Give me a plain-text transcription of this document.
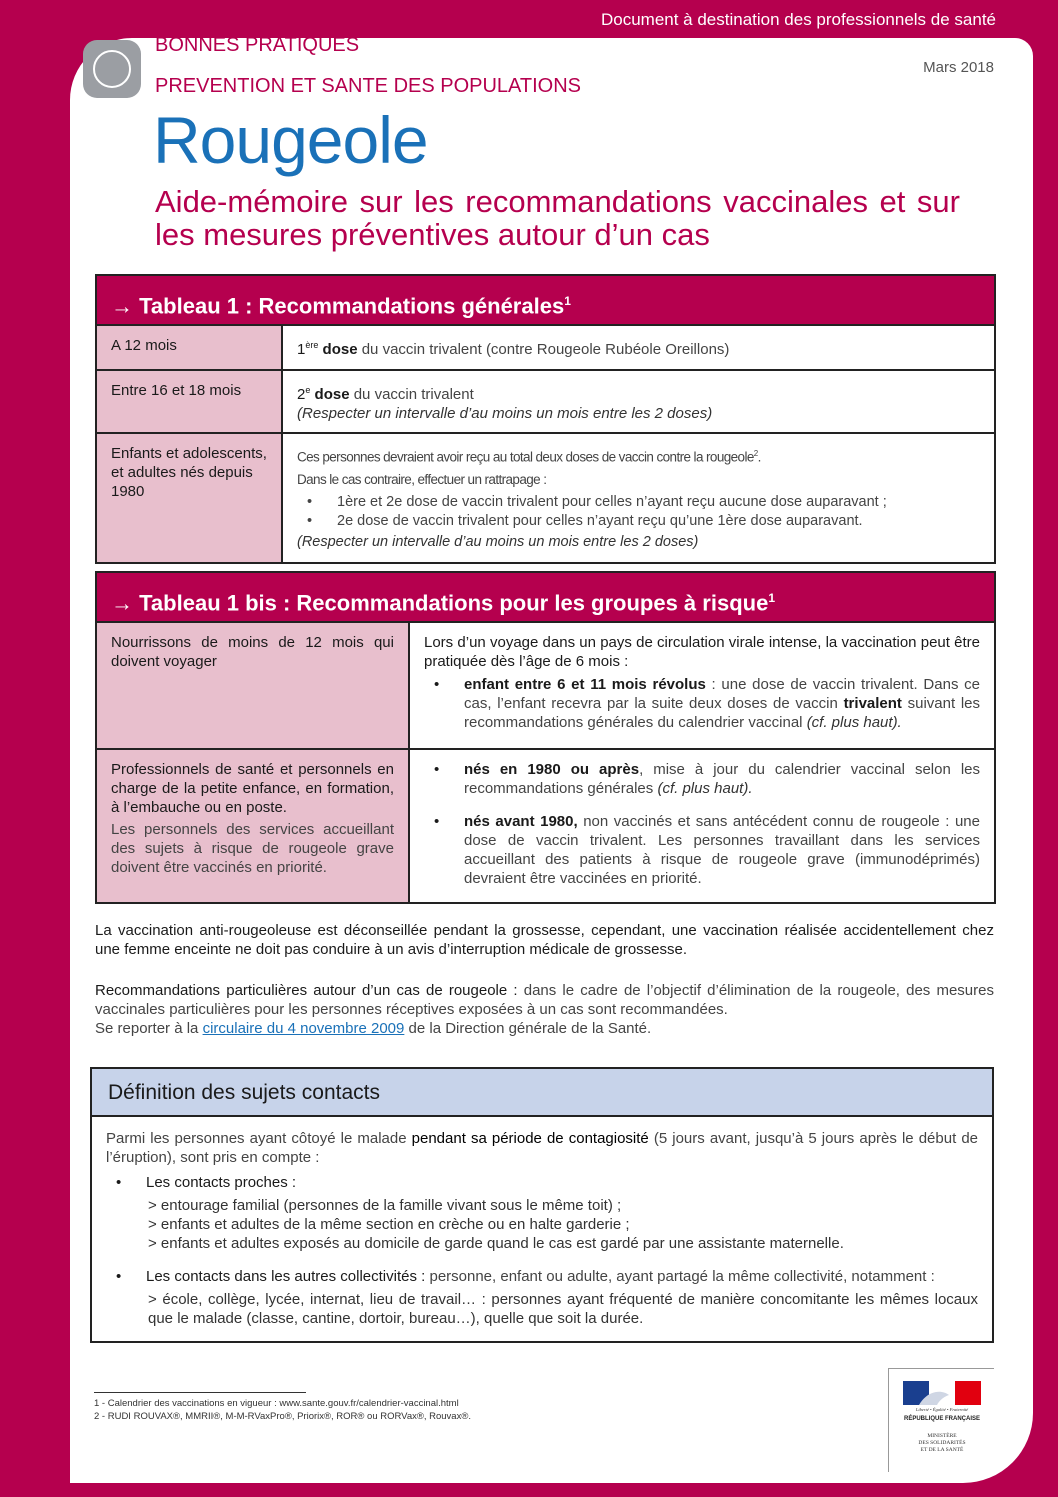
Document à destination des professionnels de santé
BONNES PRATIQUES
PREVENTION ET SANTE DES POPULATIONS
Mars 2018
Rougeole

Aide-mémoire sur les recommandations vaccinales et sur les mesures préventives autour d’un cas

→ Tableau 1 : Recommandations générales$^1$
A 12 mois	1ère dose du vaccin trivalent (contre Rougeole Rubéole Oreillons)
Entre 16 et 18 mois	2e dose du vaccin trivalent
(Respecter un intervalle d’au moins un mois entre les 2 doses)
Enfants et adolescents, et adultes nés depuis 1980
Ces personnes devraient avoir reçu au total deux doses de vaccin contre la rougeole$^2$.
Dans le cas contraire, effectuer un rattrapage :
• 1ère et 2e dose de vaccin trivalent pour celles n’ayant reçu aucune dose auparavant ;
• 2e dose de vaccin trivalent pour celles n’ayant reçu qu’une 1ère dose auparavant.
(Respecter un intervalle d’au moins un mois entre les 2 doses)
→ Tableau 1 bis : Recommandations pour les groupes à risque$^1$
Nourrissons de moins de 12 mois qui doivent voyager
Lors d’un voyage dans un pays de circulation virale intense, la vaccination peut être pratiquée dès l’âge de 6 mois :
• enfant entre 6 et 11 mois révolus : une dose de vaccin trivalent. Dans ce cas, l’enfant recevra par la suite deux doses de vaccin trivalent suivant les recommandations générales du calendrier vaccinal (cf. plus haut).
Professionnels de santé et personnels en charge de la petite enfance, en formation, à l’embauche ou en poste.
Les personnels des services accueillant des sujets à risque de rougeole grave doivent être vaccinés en priorité.
• nés en 1980 ou après, mise à jour du calendrier vaccinal selon les recommandations générales (cf. plus haut).
• nés avant 1980, non vaccinés et sans antécédent connu de rougeole : une dose de vaccin trivalent. Les personnes travaillant dans les services accueillant des patients à risque de rougeole grave (immunodéprimés) devraient être vaccinées en priorité.
La vaccination anti-rougeoleuse est déconseillée pendant la grossesse, cependant, une vaccination réalisée accidentellement chez une femme enceinte ne doit pas conduire à un avis d’interruption médicale de grossesse.
Recommandations particulières autour d’un cas de rougeole : dans le cadre de l’objectif d’élimination de la rougeole, des mesures vaccinales particulières pour les personnes réceptives exposées à un cas sont recommandées.
Se reporter à la circulaire du 4 novembre 2009 de la Direction générale de la Santé.
Définition des sujets contacts
Parmi les personnes ayant côtoyé le malade pendant sa période de contagiosité (5 jours avant, jusqu’à 5 jours après le début de l’éruption), sont pris en compte :
• Les contacts proches :
> entourage familial (personnes de la famille vivant sous le même toit) ;
> enfants et adultes de la même section en crèche ou en halte garderie ;
> enfants et adultes exposés au domicile de garde quand le cas est gardé par une assistante maternelle.
• Les contacts dans les autres collectivités : personne, enfant ou adulte, ayant partagé la même collectivité, notamment :
> école, collège, lycée, internat, lieu de travail… : personnes ayant fréquenté de manière concomitante les mêmes locaux que le malade (classe, cantine, dortoir, bureau…), quelle que soit la durée.
1 - Calendrier des vaccinations en vigueur : www.sante.gouv.fr/calendrier-vaccinal.html
2 - RUDI ROUVAX®, MMRII®, M-M-RVaxPro®, Priorix®, ROR® ou RORVax®, Rouvax®.
Liberté • Égalité • Fraternité
RÉPUBLIQUE FRANÇAISE
MINISTÈRE
DES SOLIDARITÉS
ET DE LA SANTÉ
